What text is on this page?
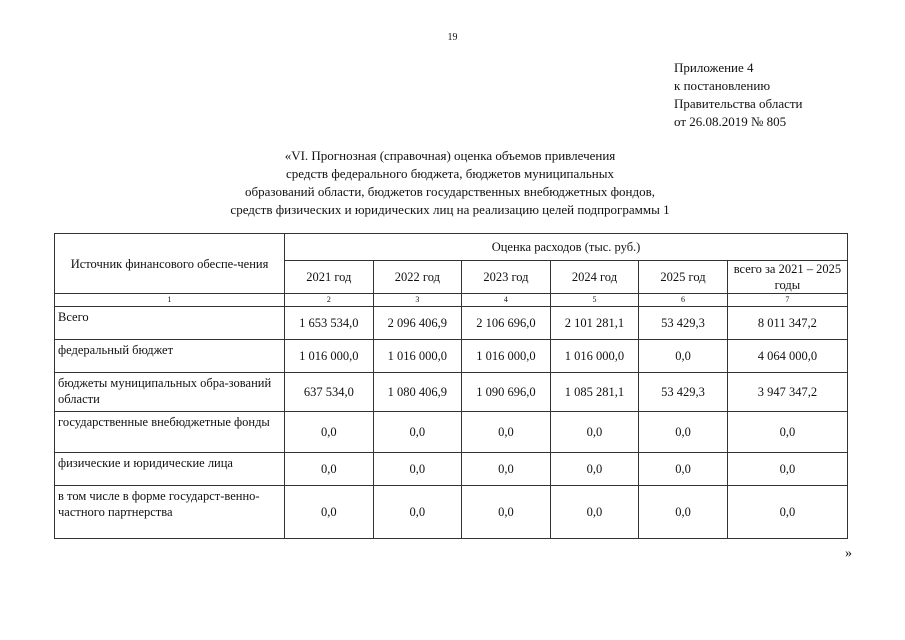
19
Приложение 4
к постановлению
Правительства области
от 26.08.2019 № 805
«VI. Прогнозная (справочная) оценка объемов привлечения
средств федерального бюджета, бюджетов муниципальных
образований области, бюджетов государственных внебюджетных фондов,
средств физических и юридических лиц на реализацию целей подпрограммы 1
Источник финансового обеспе-чения	Оценка расходов (тыс. руб.)					
	2021 год	2022 год	2023 год	2024 год	2025 год	всего за 2021 – 2025 годы
1	2	3	4	5	6	7
Всего	1 653 534,0	2 096 406,9	2 106 696,0	2 101 281,1	53 429,3	8 011 347,2
федеральный бюджет	1 016 000,0	1 016 000,0	1 016 000,0	1 016 000,0	0,0	4 064 000,0
бюджеты муниципальных обра-зований области	637 534,0	1 080 406,9	1 090 696,0	1 085 281,1	53 429,3	3 947 347,2
государственные внебюджетные фонды	0,0	0,0	0,0	0,0	0,0	0,0
физические и юридические лица	0,0	0,0	0,0	0,0	0,0	0,0
в том числе в форме государст-венно-частного партнерства	0,0	0,0	0,0	0,0	0,0	0,0
»
